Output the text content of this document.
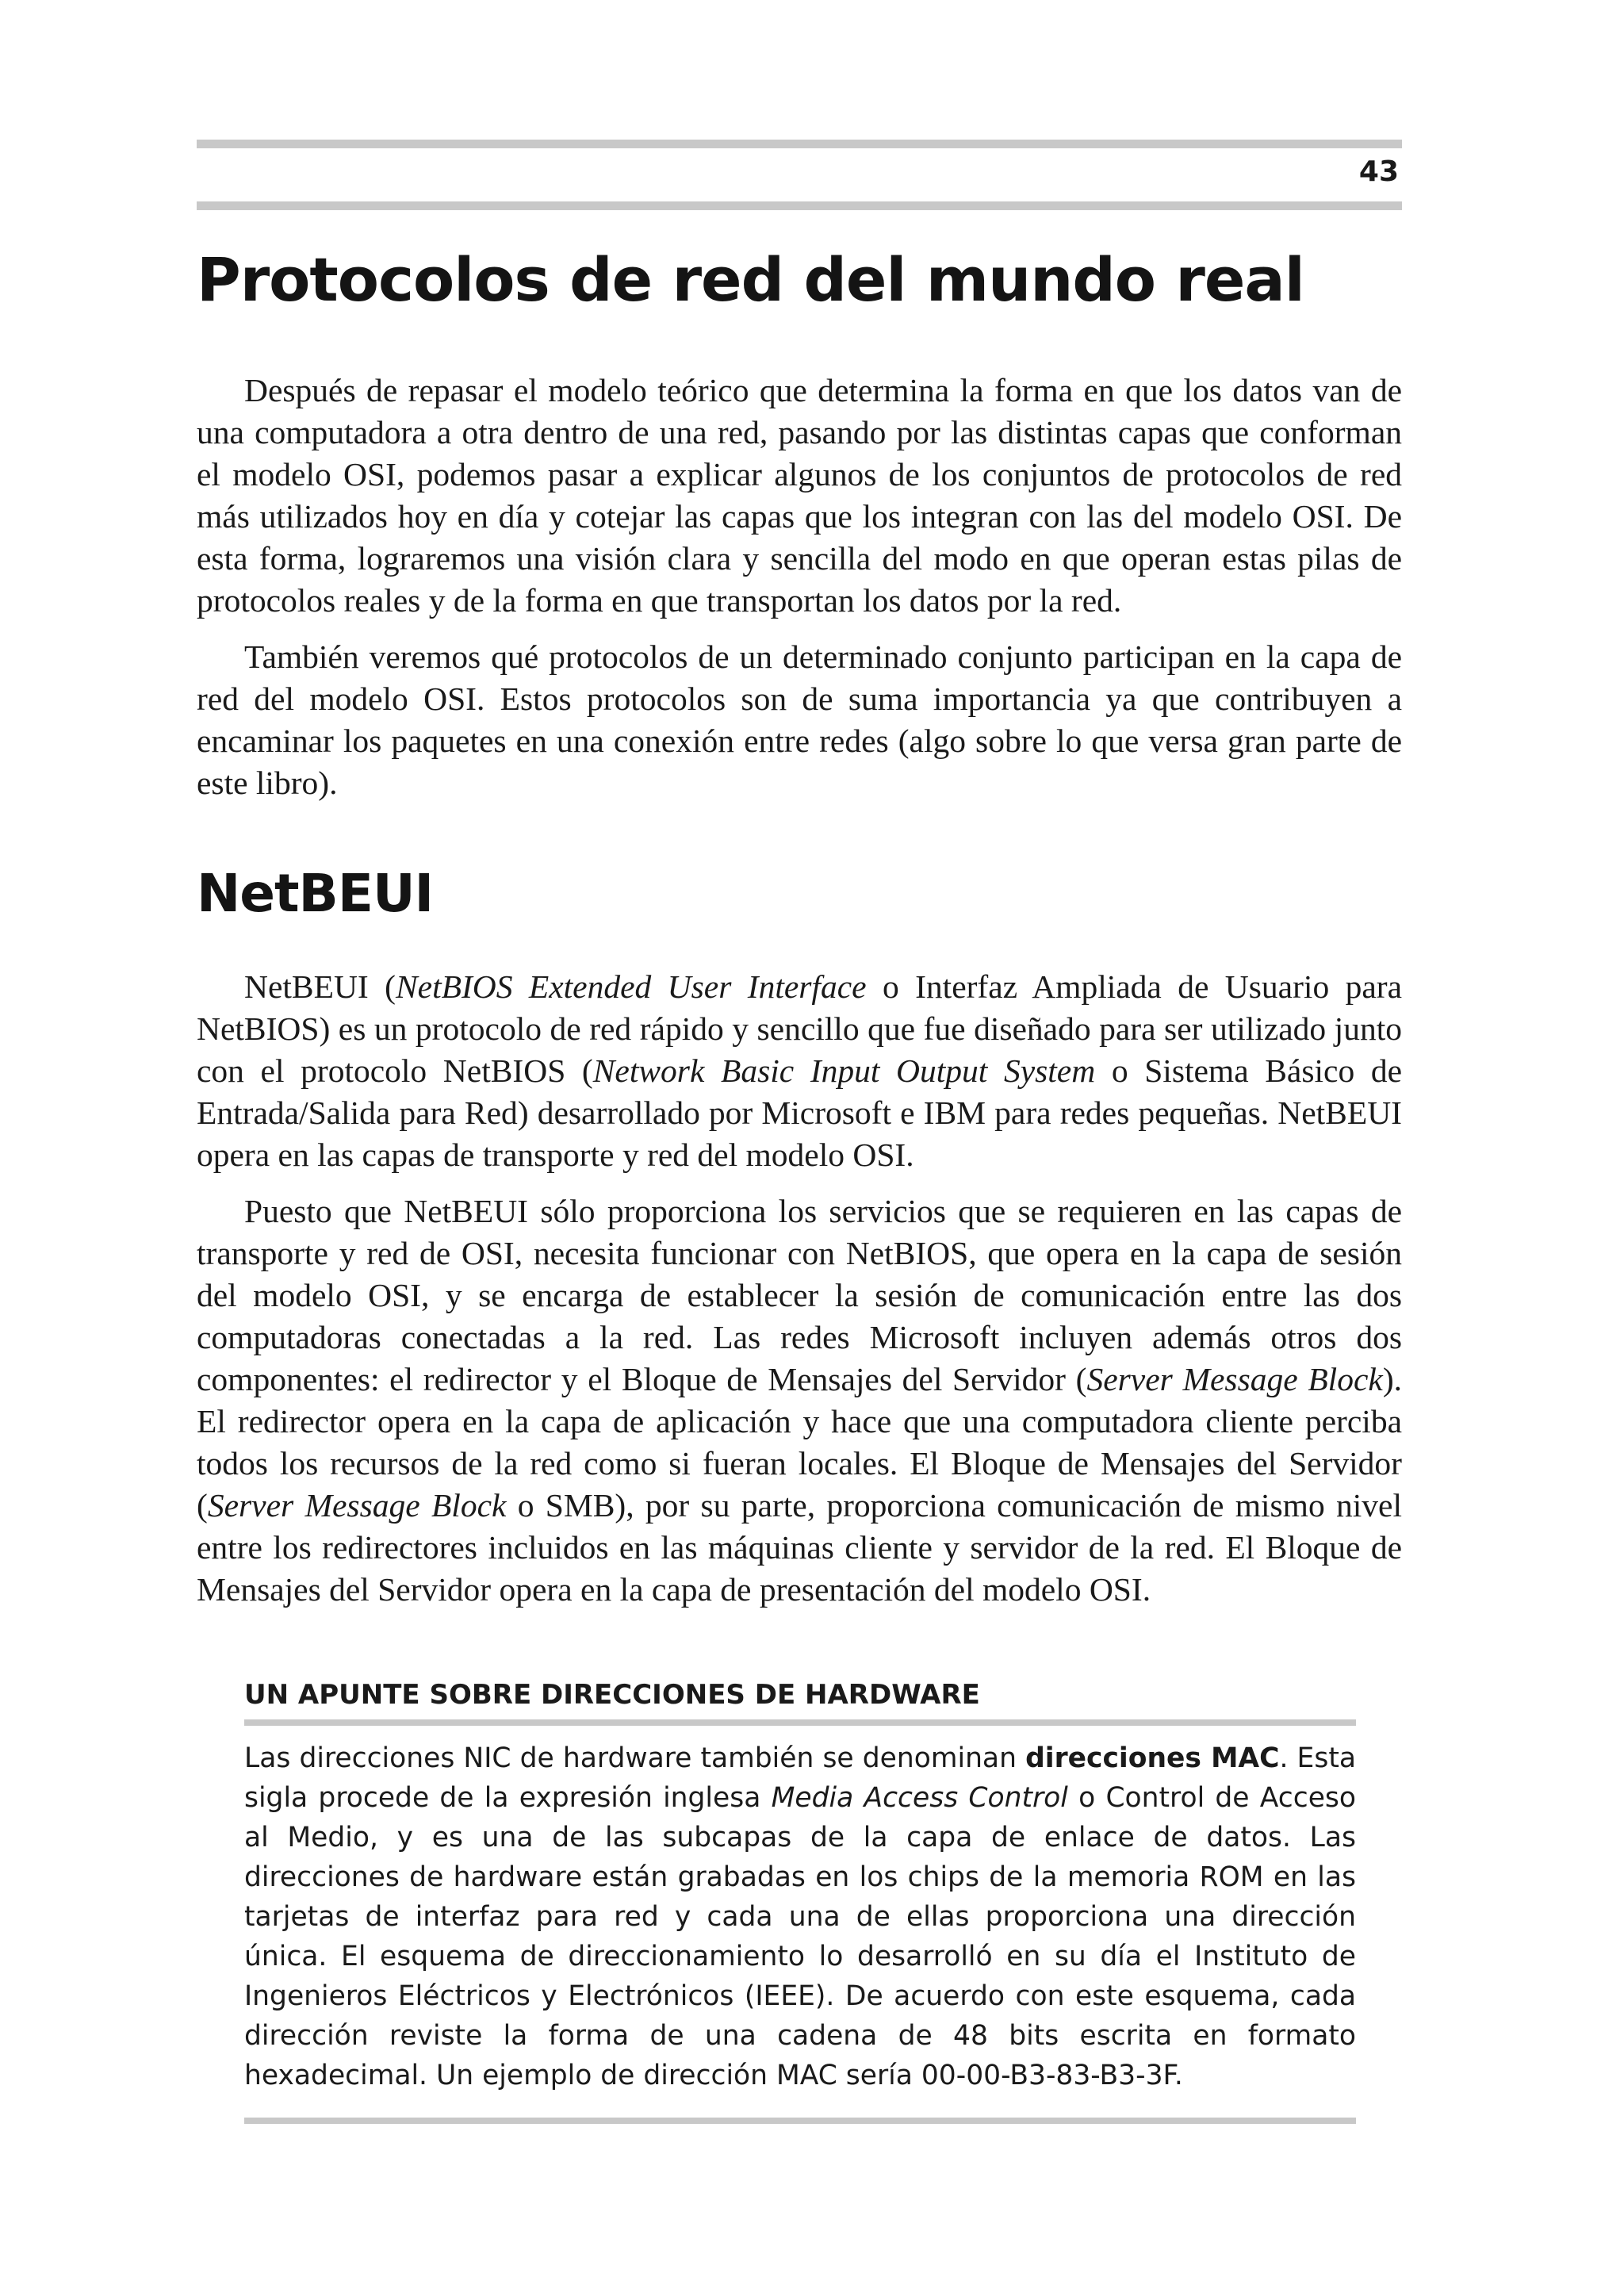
43
Protocolos de red del mundo real

Después de repasar el modelo teórico que determina la forma en que los datos van de una computadora a otra dentro de una red, pasando por las distintas capas que conforman el modelo OSI, podemos pasar a explicar algunos de los conjuntos de protocolos de red más utilizados hoy en día y cotejar las capas que los integran con las del modelo OSI. De esta forma, lograremos una visión clara y sencilla del modo en que operan estas pilas de protocolos reales y de la forma en que transportan los datos por la red.

También veremos qué protocolos de un determinado conjunto participan en la capa de red del modelo OSI. Estos protocolos son de suma importancia ya que contribuyen a encaminar los paquetes en una conexión entre redes (algo sobre lo que versa gran parte de este libro).

NetBEUI

NetBEUI (NetBIOS Extended User Interface o Interfaz Ampliada de Usuario para NetBIOS) es un protocolo de red rápido y sencillo que fue diseñado para ser utilizado junto con el protocolo NetBIOS (Network Basic Input Output System o Sistema Básico de Entrada/Salida para Red) desarrollado por Microsoft e IBM para redes pequeñas. NetBEUI opera en las capas de transporte y red del modelo OSI.

Puesto que NetBEUI sólo proporciona los servicios que se requieren en las capas de transporte y red de OSI, necesita funcionar con NetBIOS, que opera en la capa de sesión del modelo OSI, y se encarga de establecer la sesión de comunicación entre las dos computadoras conectadas a la red. Las redes Microsoft incluyen además otros dos componentes: el redirector y el Bloque de Mensajes del Servidor (Server Message Block). El redirector opera en la capa de aplicación y hace que una computadora cliente perciba todos los recursos de la red como si fueran locales. El Bloque de Mensajes del Servidor (Server Message Block o SMB), por su parte, proporciona comunicación de mismo nivel entre los redirectores incluidos en las máquinas cliente y servidor de la red. El Bloque de Mensajes del Servidor opera en la capa de presentación del modelo OSI.

UN APUNTE SOBRE DIRECCIONES DE HARDWARE

Las direcciones NIC de hardware también se denominan direcciones MAC. Esta sigla procede de la expresión inglesa Media Access Control o Control de Acceso al Medio, y es una de las subcapas de la capa de enlace de datos. Las direcciones de hardware están grabadas en los chips de la memoria ROM en las tarjetas de interfaz para red y cada una de ellas proporciona una dirección única. El esquema de direccionamiento lo desarrolló en su día el Instituto de Ingenieros Eléctricos y Electrónicos (IEEE). De acuerdo con este esquema, cada dirección reviste la forma de una cadena de 48 bits escrita en formato hexadecimal. Un ejemplo de dirección MAC sería 00-00-B3-83-B3-3F.
